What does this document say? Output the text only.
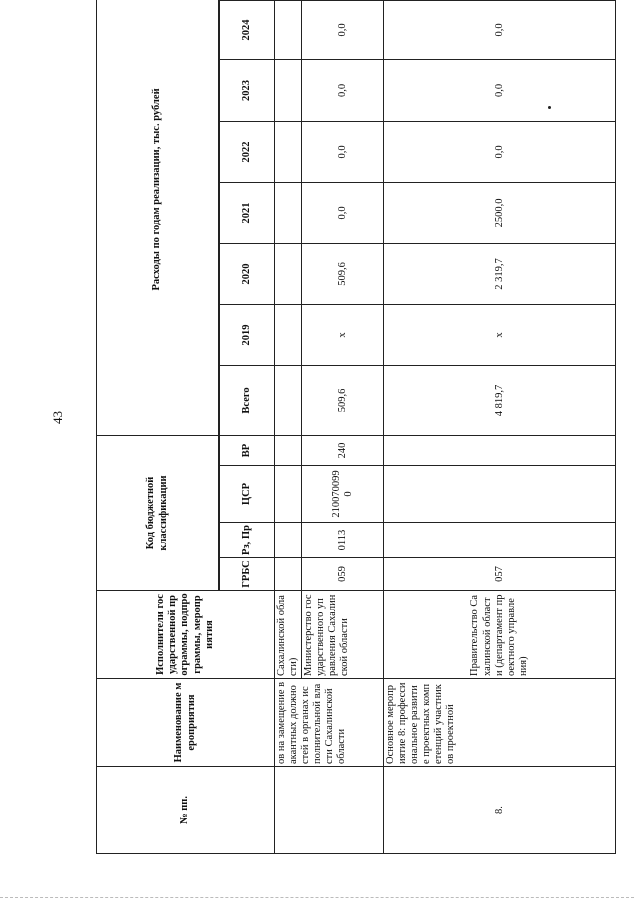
43
№ пп.	Наименование мероприятия	Исполнители государственной программы, подпрограммы, мероприятия	Код бюджетной классификации				Расходы по годам реализации, тыс. рублей							

			ГРБС	Рз, Пр	ЦСР	ВР	Всего	2019	2020	2021	2022	2023	2024	
	ов на замещение вакантных должностей в органах исполнительной власти Сахалинской области	Сахалинской области)												
		Министерство государственного управления Сахалинской области	059	0113	2100700990	240	509,6	x	509,6	0,0	0,0	0,0	0,0	
8.	Основное мероприятие 8: профессиональное развитие проектных компетенций участников проектной	Правительство Сахалинской области (департамент проектного управления)	057				4 819,7	x	2 319,7	2500,0	0,0	0,0	0,0	
